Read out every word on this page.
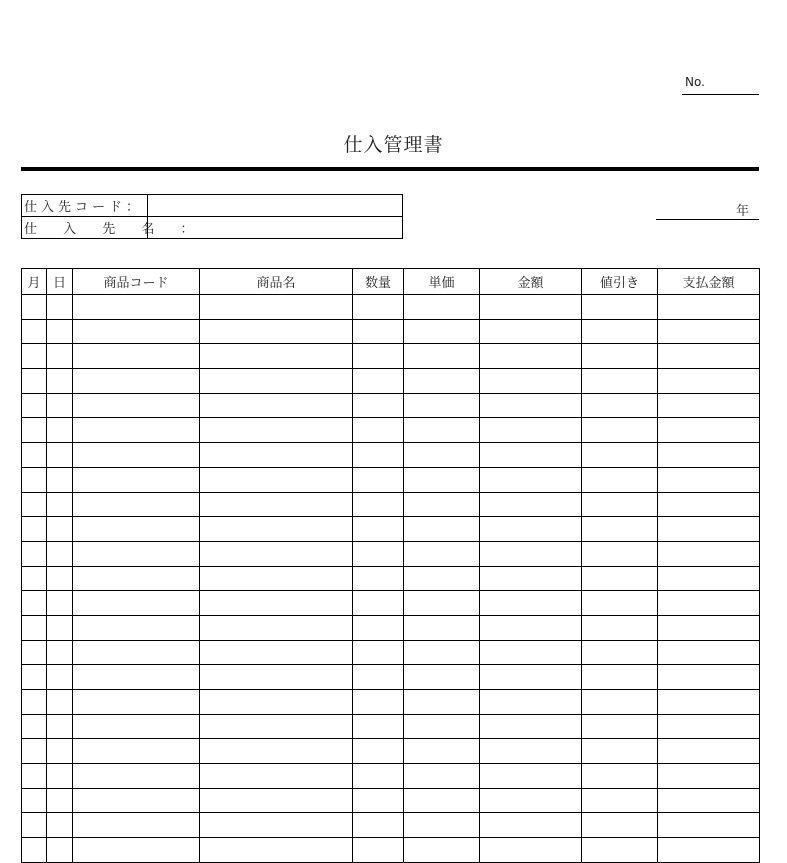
No.
仕入管理書
仕入先コード：	
仕 入 先 名 ：	
年
月	日	商品コード	商品名	数量	単価	金額	値引き	支払金額
